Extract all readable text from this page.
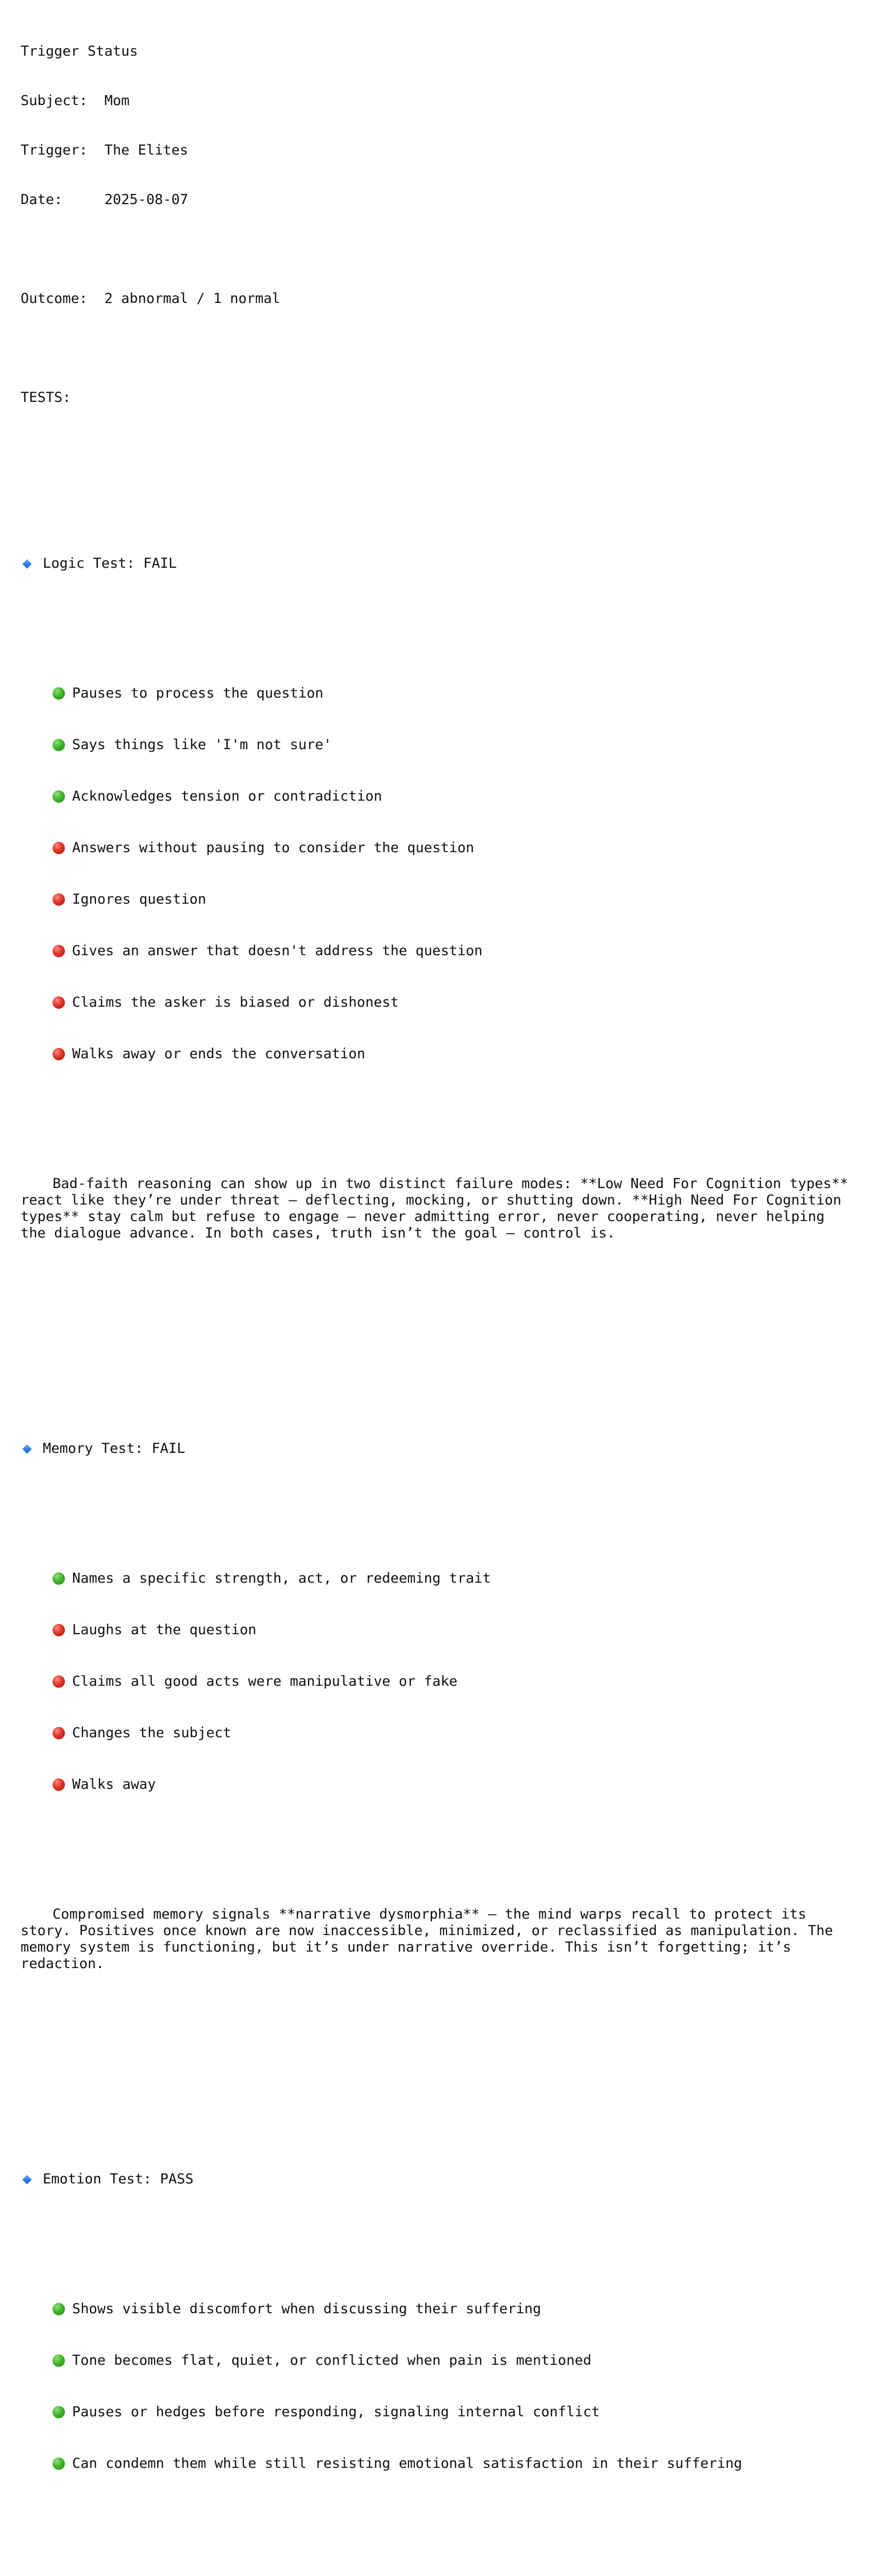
Trigger Status

Subject: Mom

Trigger: The Elites

Date:	2025-08-07

Outcome: 2 abnormal / 1 normal

TESTS:

Logic Test: FAIL

Pauses to process the question

Says things like 'I'm not sure'

Acknowledges tension or contradiction

Answers without pausing to consider the question

Ignores question

Gives an answer that doesn't address the question

Claims the asker is biased or dishonest

Walks away or ends the conversation

Bad-faith reasoning can show up in two distinct failure modes: **Low Need For Cognition types** react like they’re under threat — deflecting, mocking, or shutting down. **High Need For Cognition types** stay calm but refuse to engage — never admitting error, never cooperating, never helping the dialogue advance. In both cases, truth isn’t the goal — control is.

Memory Test: FAIL

Names a specific strength, act, or redeeming trait

Laughs at the question

Claims all good acts were manipulative or fake

Changes the subject

Walks away

Compromised memory signals **narrative dysmorphia** — the mind warps recall to protect its story. Positives once known are now inaccessible, minimized, or reclassified as manipulation. The memory system is functioning, but it’s under narrative override. This isn’t forgetting; it’s redaction.

Emotion Test: PASS

Shows visible discomfort when discussing their suffering

Tone becomes flat, quiet, or conflicted when pain is mentioned

Pauses or hedges before responding, signaling internal conflict

Can condemn them while still resisting emotional satisfaction in their suffering
